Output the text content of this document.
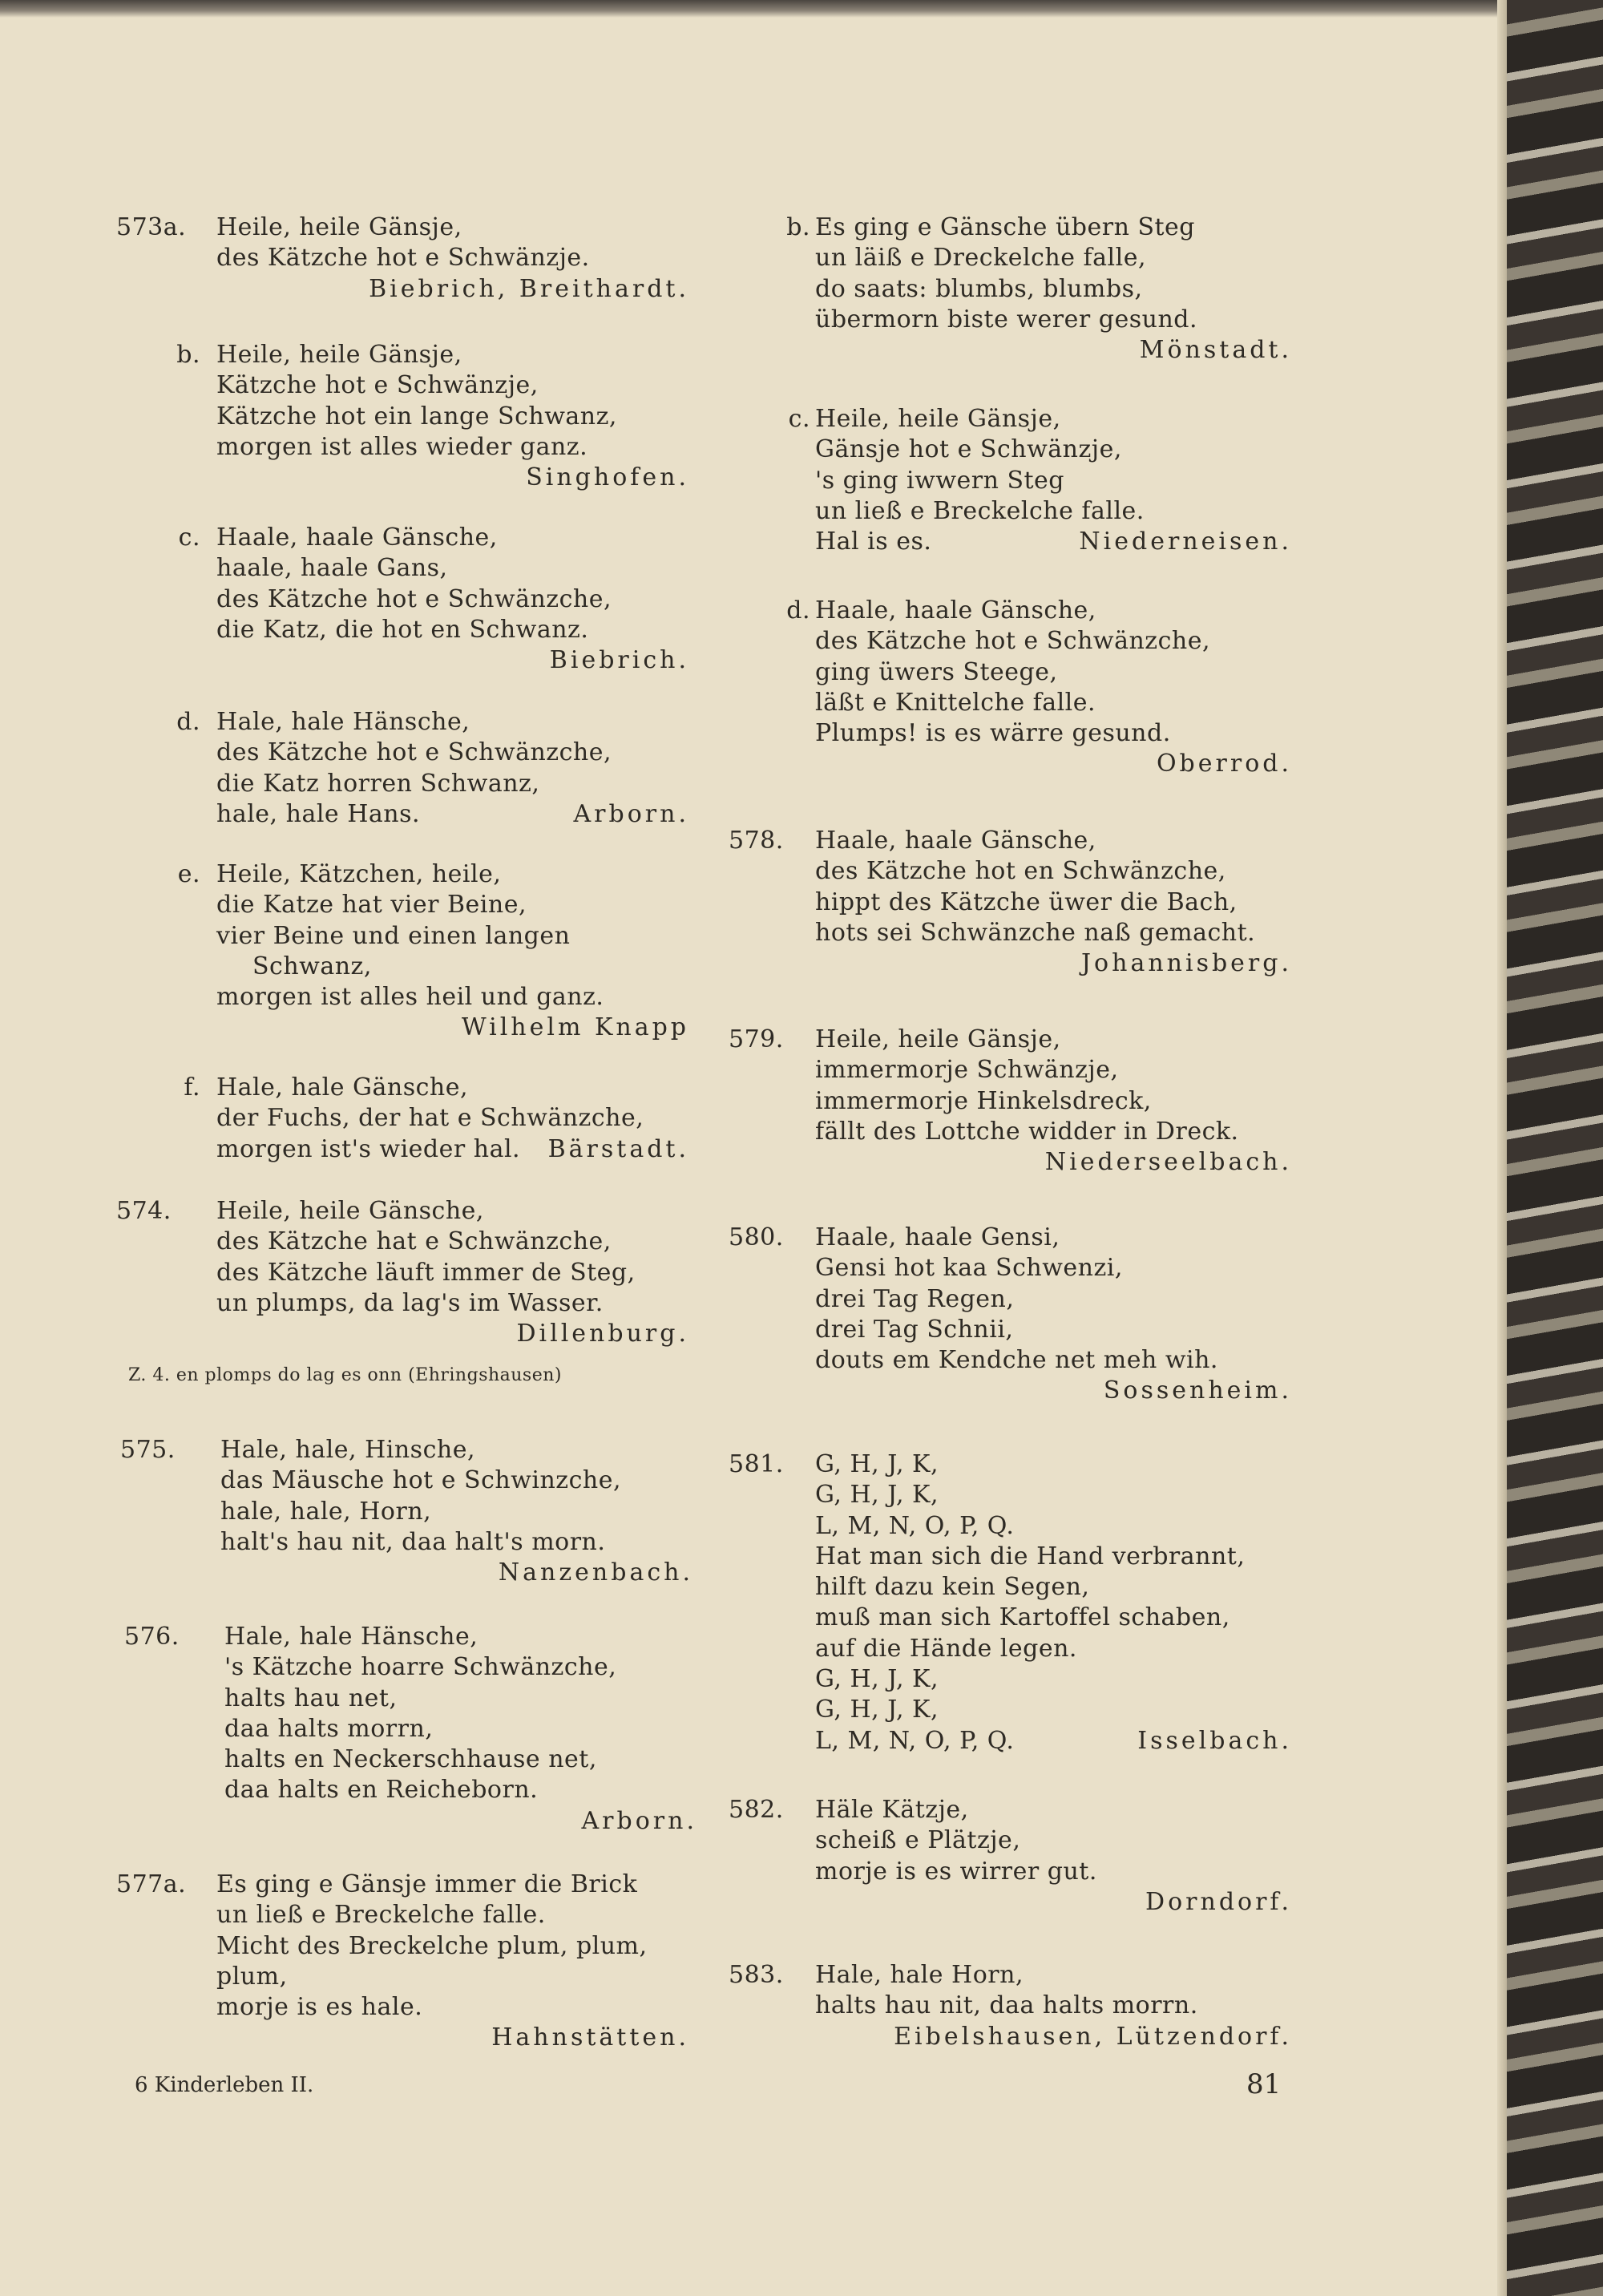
573a.	Heile, heile Gänsje,
des Kätzche hot e Schwänzje.
Biebrich, Breithardt.
b. Heile, heile Gänsje,
Kätzche hot e Schwänzje,
Kätzche hot ein lange Schwanz,
morgen ist alles wieder ganz.
Singhofen.
c. Haale, haale Gänsche,
haale, haale Gans,
des Kätzche hot e Schwänzche,
die Katz, die hot en Schwanz.
Biebrich.
d. Hale, hale Hänsche,
des Kätzche hot e Schwänzche,
die Katz horren Schwanz,
hale, hale Hans.	Arborn.
e. Heile, Kätzchen, heile,
die Katze hat vier Beine,
vier Beine und einen langen
Schwanz,
morgen ist alles heil und ganz.
Wilhelm Knapp
f. Hale, hale Gänsche,
der Fuchs, der hat e Schwänzche,
morgen ist's wieder hal. Bärstadt.
574.	Heile, heile Gänsche,
des Kätzche hat e Schwänzche,
des Kätzche läuft immer de Steg,
un plumps, da lag's im Wasser.
Dillenburg.
576.	Hale, hale Hänsche,
's Kätzche hoarre Schwänzche,
halts hau net,
daa halts morrn,
halts en Neckerschhause net,
daa halts en Reicheborn.
Arborn.
575.	Hale, hale, Hinsche,
das Mäusche hot e Schwinzche,
hale, hale, Horn,
halt's hau nit, daa halt's morn.
Nanzenbach.
577a.	Es ging e Gänsje immer die Brick
un ließ e Breckelche falle.
Micht des Breckelche plum, plum,
plum,
morje is es hale.
Hahnstätten.
b. Es ging e Gänsche übern Steg
un läiß e Dreckelche falle,
do saats: blumbs, blumbs,
übermorn biste werer gesund.
Mönstadt.
c. Heile, heile Gänsje,
Gänsje hot e Schwänzje,
's ging iwwern Steg
un ließ e Breckelche falle.
Hal is es.	Niederneisen.
d. Haale, haale Gänsche,
des Kätzche hot e Schwänzche,
ging üwers Steege,
läßt e Knittelche falle.
Plumps! is es wärre gesund.
Oberrod.
578.	Haale, haale Gänsche,
des Kätzche hot en Schwänzche,
hippt des Kätzche üwer die Bach,
hots sei Schwänzche naß gemacht.
Johannisberg.
579.	Heile, heile Gänsje,
immermorje Schwänzje,
immermorje Hinkelsdreck,
fällt des Lottche widder in Dreck.
Niederseelbach.
580.	Haale, haale Gensi,
Gensi hot kaa Schwenzi,
drei Tag Regen,
drei Tag Schnii,
douts em Kendche net meh wih.
Sossenheim.
581.	G, H, J, K,
G, H, J, K,
L, M, N, O, P, Q.
Hat man sich die Hand verbrannt,
hilft dazu kein Segen,
muß man sich Kartoffel schaben,
auf die Hände legen.
G, H, J, K,
G, H, J, K,
L, M, N, O, P, Q.	Isselbach.
582.	Häle Kätzje,
scheiß e Plätzje,
morje is es wirrer gut.
Dorndorf.
583.	Hale, hale Horn,
halts hau nit, daa halts morrn.
Eibelshausen, Lützendorf.
Z. 4. en plomps do lag es onn (Ehringshausen)
6 Kinderleben II.	81
